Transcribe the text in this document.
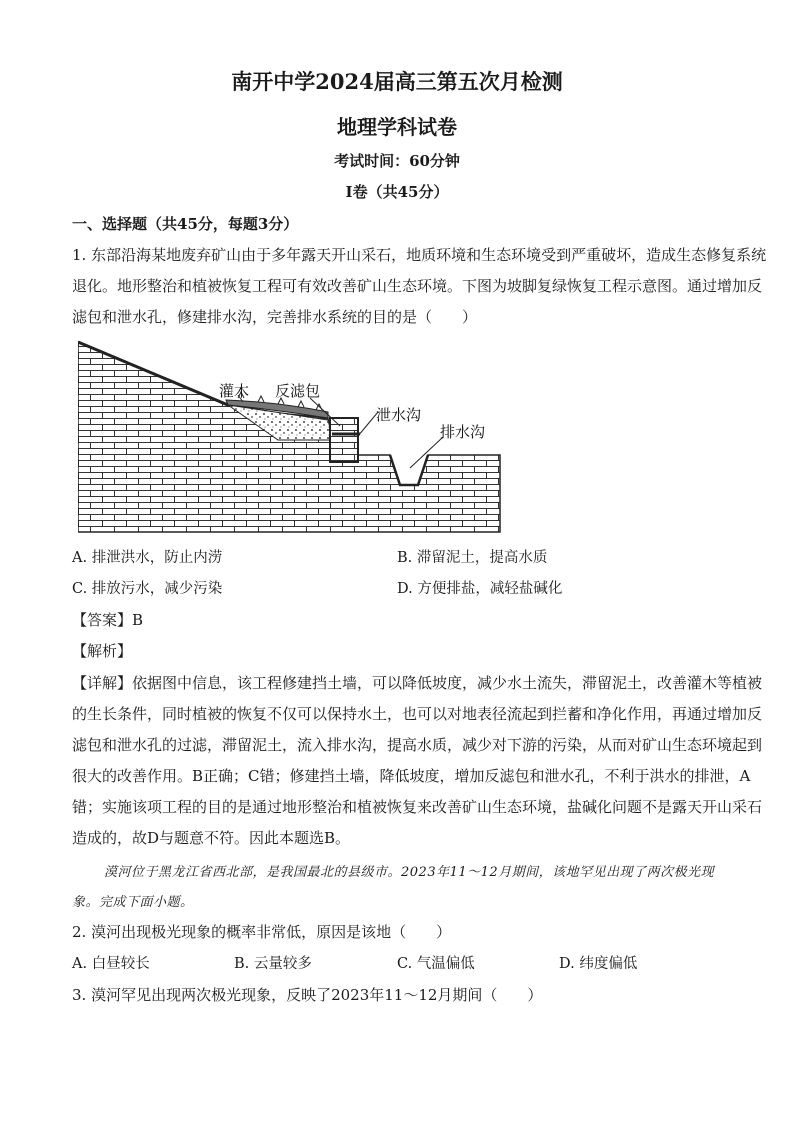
南开中学2024届高三第五次月检测
地理学科试卷
考试时间：60分钟
I卷（共45分）
一、选择题（共45分，每题3分）
1. 东部沿海某地废弃矿山由于多年露天开山采石，地质环境和生态环境受到严重破坏，造成生态修复系统
退化。地形整治和植被恢复工程可有效改善矿山生态环境。下图为坡脚复绿恢复工程示意图。通过增加反
滤包和泄水孔，修建排水沟，完善排水系统的目的是（　　）
灌木 反滤包
泄水沟
排水沟
A. 排泄洪水，防止内涝	B. 滞留泥土，提高水质
C. 排放污水，减少污染	D. 方便排盐，减轻盐碱化
【答案】B
【解析】
【详解】依据图中信息，该工程修建挡土墙，可以降低坡度，减少水土流失，滞留泥土，改善灌木等植被
的生长条件，同时植被的恢复不仅可以保持水土，也可以对地表径流起到拦蓄和净化作用，再通过增加反
滤包和泄水孔的过滤，滞留泥土，流入排水沟，提高水质，减少对下游的污染，从而对矿山生态环境起到
很大的改善作用。B正确；C错；修建挡土墙，降低坡度，增加反滤包和泄水孔，不利于洪水的排泄，A
错；实施该项工程的目的是通过地形整治和植被恢复来改善矿山生态环境，盐碱化问题不是露天开山采石
造成的，故D与题意不符。因此本题选B。
漠河位于黑龙江省西北部，是我国最北的县级市。2023年11～12月期间，该地罕见出现了两次极光现
象。完成下面小题。
2. 漠河出现极光现象的概率非常低，原因是该地（　　）
A. 白昼较长	B. 云量较多	C. 气温偏低	D. 纬度偏低
3. 漠河罕见出现两次极光现象，反映了2023年11～12月期间（　　）
